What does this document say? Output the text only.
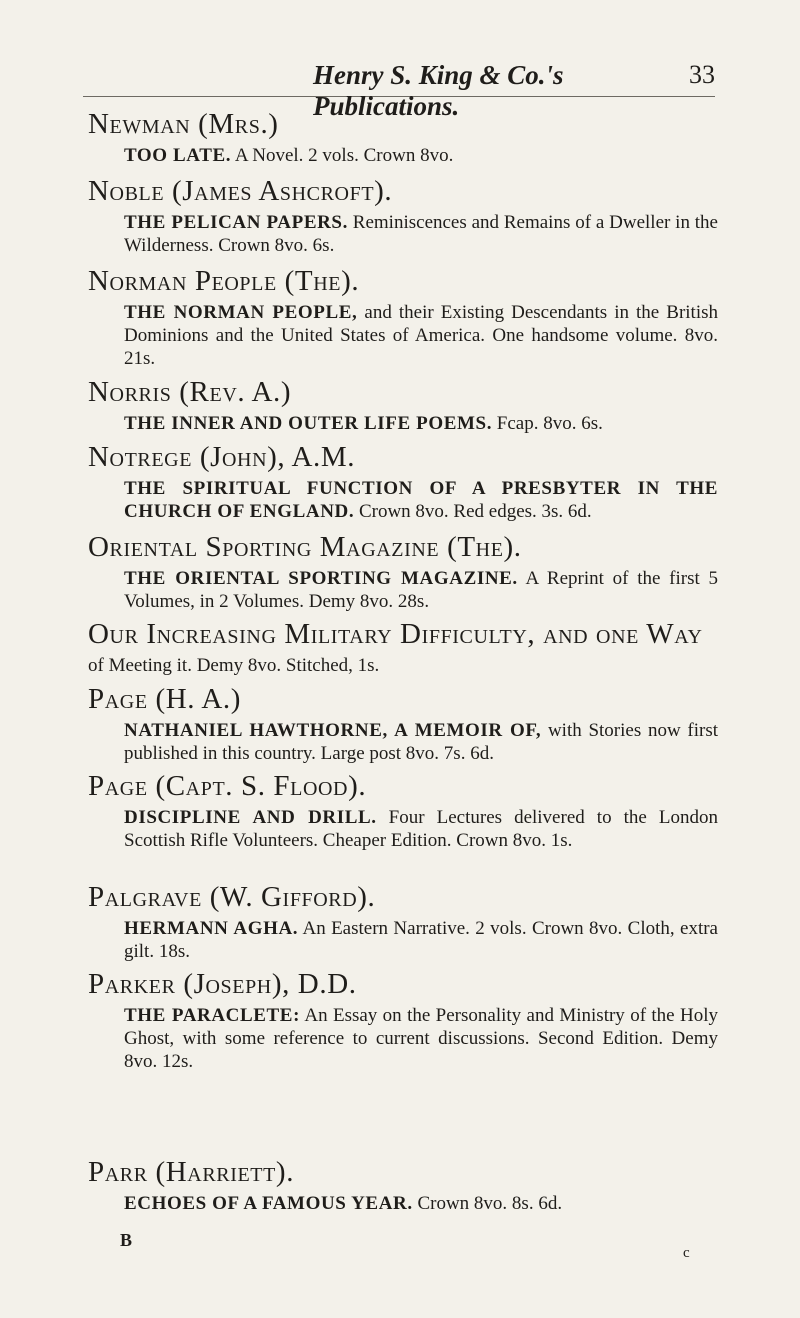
Henry S. King & Co.'s Publications.
33
Newman (Mrs.)
TOO LATE. A Novel. 2 vols. Crown 8vo.
Noble (James Ashcroft).
THE PELICAN PAPERS. Reminiscences and Remains of a Dweller in the Wilderness. Crown 8vo. 6s.
Norman People (The).
THE NORMAN PEOPLE, and their Existing Descendants in the British Dominions and the United States of America. One handsome volume. 8vo. 21s.
Norris (Rev. A.)
THE INNER AND OUTER LIFE POEMS. Fcap. 8vo. 6s.
Notrege (John), A.M.
THE SPIRITUAL FUNCTION OF A PRESBYTER IN THE CHURCH OF ENGLAND. Crown 8vo. Red edges. 3s. 6d.
Oriental Sporting Magazine (The).
THE ORIENTAL SPORTING MAGAZINE. A Reprint of the first 5 Volumes, in 2 Volumes. Demy 8vo. 28s.
Our Increasing Military Difficulty, and one Way
of Meeting it. Demy 8vo. Stitched, 1s.
Page (H. A.)
NATHANIEL HAWTHORNE, A MEMOIR OF, with Stories now first published in this country. Large post 8vo. 7s. 6d.
Page (Capt. S. Flood).
DISCIPLINE AND DRILL. Four Lectures delivered to the London Scottish Rifle Volunteers. Cheaper Edition. Crown 8vo. 1s.
Palgrave (W. Gifford).
HERMANN AGHA. An Eastern Narrative. 2 vols. Crown 8vo. Cloth, extra gilt. 18s.
Parker (Joseph), D.D.
THE PARACLETE: An Essay on the Personality and Ministry of the Holy Ghost, with some reference to current discussions. Second Edition. Demy 8vo. 12s.
Parr (Harriett).
ECHOES OF A FAMOUS YEAR. Crown 8vo. 8s. 6d.
B
c
